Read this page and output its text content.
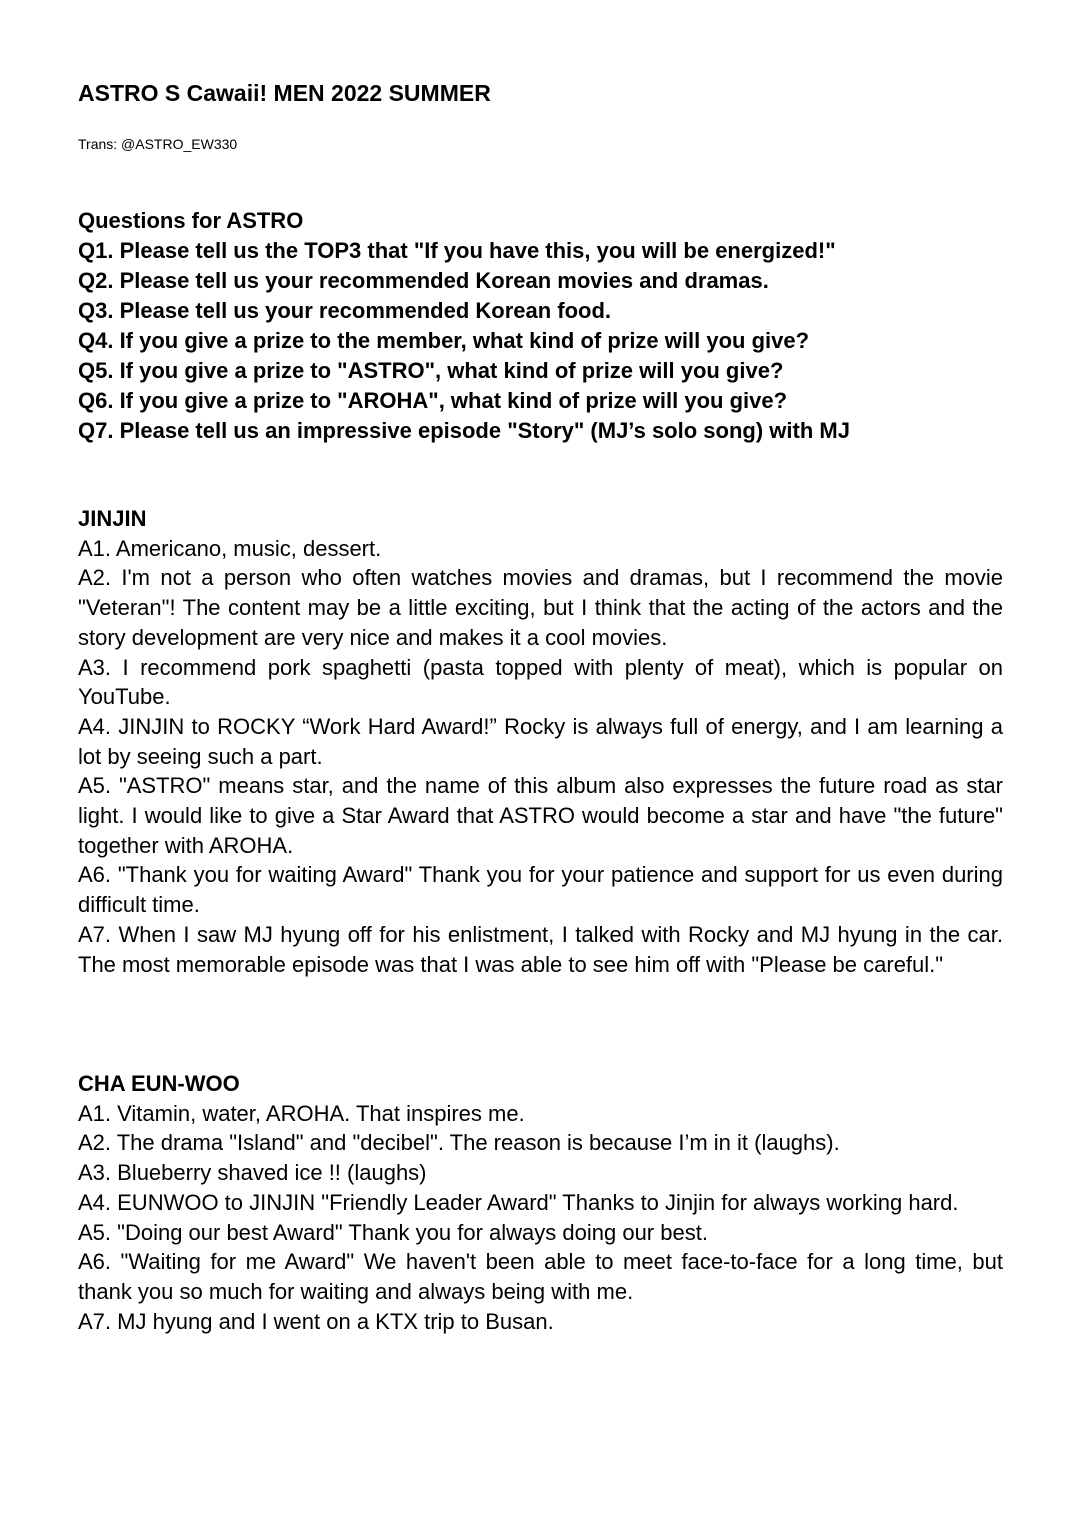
ASTRO S Cawaii! MEN 2022 SUMMER

Trans: @ASTRO_EW330

Questions for ASTRO
Q1. Please tell us the TOP3 that "If you have this, you will be energized!"
Q2. Please tell us your recommended Korean movies and dramas.
Q3. Please tell us your recommended Korean food.
Q4. If you give a prize to the member, what kind of prize will you give?
Q5. If you give a prize to "ASTRO", what kind of prize will you give?
Q6. If you give a prize to "AROHA", what kind of prize will you give?
Q7. Please tell us an impressive episode "Story" (MJ’s solo song) with MJ
JINJIN
A1. Americano, music, dessert.
A2. I'm not a person who often watches movies and dramas, but I recommend the movie "Veteran"! The content may be a little exciting, but I think that the acting of the actors and the story development are very nice and makes it a cool movies.
A3. I recommend pork spaghetti (pasta topped with plenty of meat), which is popular on YouTube.
A4. JINJIN to ROCKY “Work Hard Award!” Rocky is always full of energy, and I am learning a lot by seeing such a part.
A5. "ASTRO" means star, and the name of this album also expresses the future road as star light. I would like to give a Star Award that ASTRO would become a star and have "the future" together with AROHA.
A6. "Thank you for waiting Award" Thank you for your patience and support for us even during difficult time.
A7. When I saw MJ hyung off for his enlistment, I talked with Rocky and MJ hyung in the car. The most memorable episode was that I was able to see him off with "Please be careful."
CHA EUN-WOO
A1. Vitamin, water, AROHA. That inspires me.
A2. The drama "Island" and "decibel". The reason is because I’m in it (laughs).
A3. Blueberry shaved ice !! (laughs)
A4. EUNWOO to JINJIN "Friendly Leader Award" Thanks to Jinjin for always working hard.
A5. "Doing our best Award" Thank you for always doing our best.
A6. "Waiting for me Award" We haven't been able to meet face-to-face for a long time, but thank you so much for waiting and always being with me.
A7. MJ hyung and I went on a KTX trip to Busan.
